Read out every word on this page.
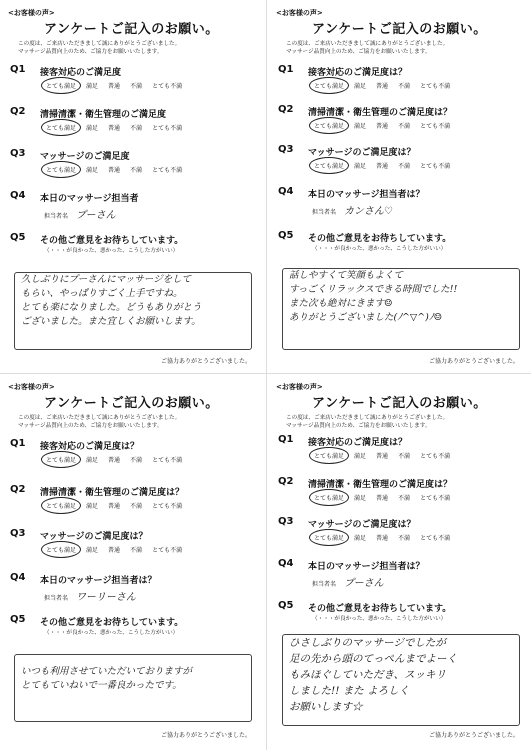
<お客様の声>
アンケートご記入のお願い。
この度は、ご来店いただきまして誠にありがとうございました。
マッサージ品質向上のため、ご協力をお願いいたします。
Q1 接客対応のご満足度
とても満足	満足	普通	不満	とても不満
Q2 清掃清潔・衛生管理のご満足度
とても満足	満足	普通	不満	とても不満
Q3 マッサージのご満足度
とても満足	満足	普通	不満	とても不満
Q4 本日のマッサージ担当者
担当者名 プーさん
Q5 その他ご意見をお待ちしています。
（・・・が良かった、悪かった、こうした方がいい）
久しぶりにプーさんにマッサージをして
もらい、やっぱりすごく上手ですね。
とても楽になりました。どうもありがとう
ございました。また宜しくお願いします。
ご協力ありがとうございました。
<お客様の声>
アンケートご記入のお願い。
この度は、ご来店いただきまして誠にありがとうございました。
マッサージ品質向上のため、ご協力をお願いいたします。
Q1 接客対応のご満足度は？
とても満足	満足	普通	不満	とても不満
Q2 清掃清潔・衛生管理のご満足度は？
とても満足	満足	普通	不満	とても不満
Q3 マッサージのご満足度は？
とても満足	満足	普通	不満	とても不満
Q4 本日のマッサージ担当者は？
担当者名 カンさん♡
Q5 その他ご意見をお待ちしています。
（・・・が良かった、悪かった、こうした方がいい）
話しやすくて笑顔もよくて
すっごくリラックスできる時間でした!!
また次も絶対にきます☺
ありがとうございました(ﾉ^▽^)ﾉ☺
ご協力ありがとうございました。
<お客様の声>
アンケートご記入のお願い。
この度は、ご来店いただきまして誠にありがとうございました。
マッサージ品質向上のため、ご協力をお願いいたします。
Q1 接客対応のご満足度は？
とても満足	満足	普通	不満	とても不満
Q2 清掃清潔・衛生管理のご満足度は？
とても満足	満足	普通	不満	とても不満
Q3 マッサージのご満足度は？
とても満足	満足	普通	不満	とても不満
Q4 本日のマッサージ担当者は？
担当者名 ワーリーさん
Q5 その他ご意見をお待ちしています。
（・・・が良かった、悪かった、こうした方がいい）
いつも利用させていただいておりますが
とてもていねいで一番良かったです。
ご協力ありがとうございました。
<お客様の声>
アンケートご記入のお願い。
この度は、ご来店いただきまして誠にありがとうございました。
マッサージ品質向上のため、ご協力をお願いいたします。
Q1 接客対応のご満足度は？
とても満足	満足	普通	不満	とても不満
Q2 清掃清潔・衛生管理のご満足度は？
とても満足	満足	普通	不満	とても不満
Q3 マッサージのご満足度は？
とても満足	満足	普通	不満	とても不満
Q4 本日のマッサージ担当者は？
担当者名 プーさん
Q5 その他ご意見をお待ちしています。
（・・・が良かった、悪かった、こうした方がいい）
ひさしぶりのマッサージでしたが
足の先から頭のてっぺんまでよーく
もみほぐしていただき、スッキリ
しました!! また よろしく
お願いします☆
ご協力ありがとうございました。
